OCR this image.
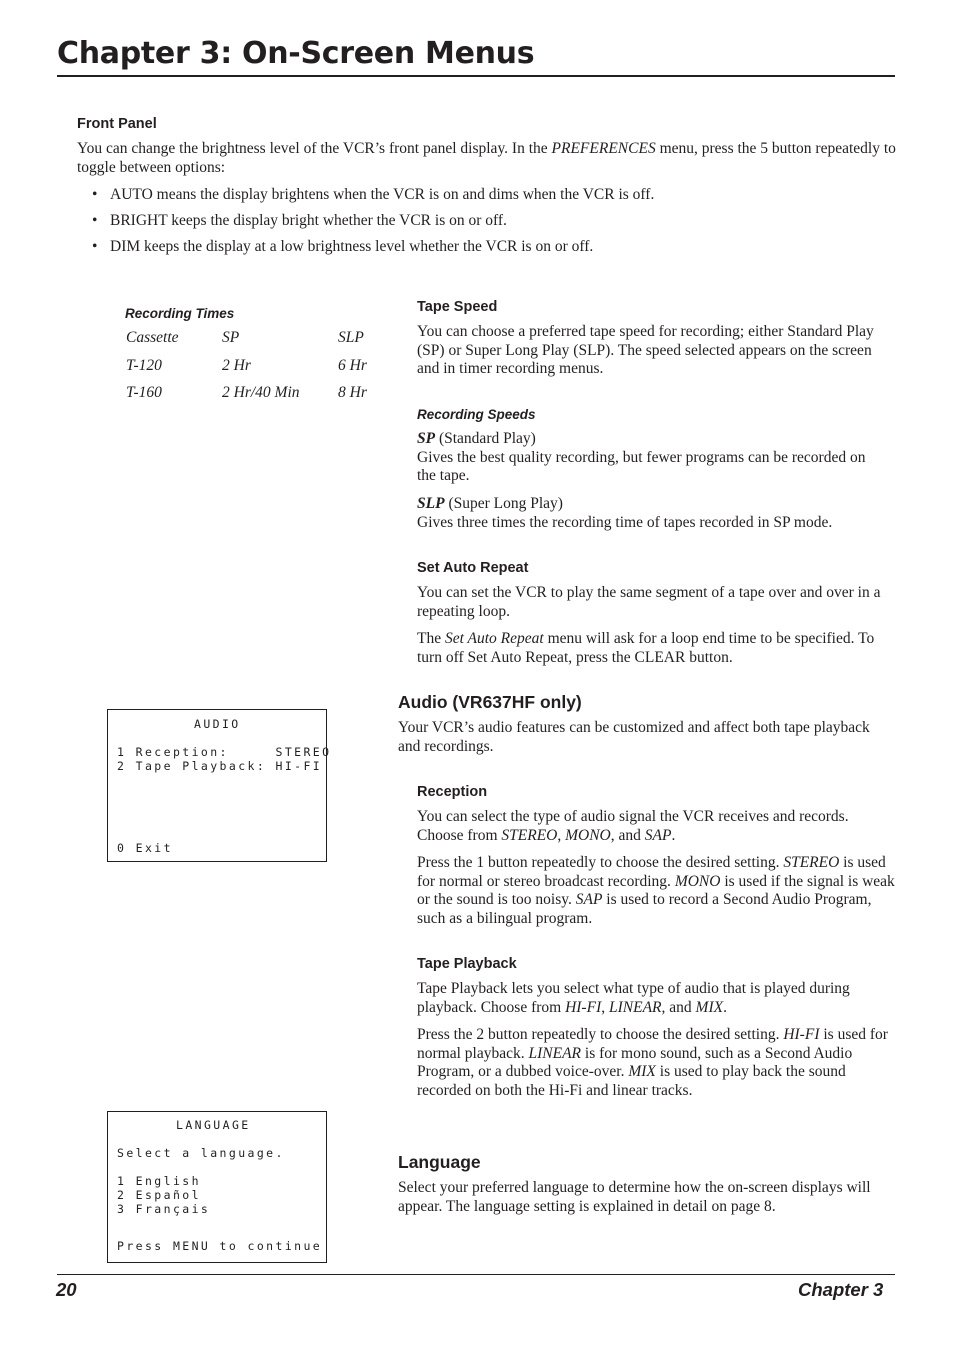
Chapter 3: On-Screen Menus
Front Panel

You can change the brightness level of the VCR’s front panel display. In the PREFERENCES menu, press the 5 button repeatedly to toggle between options:

• AUTO means the display brightens when the VCR is on and dims when the VCR is off.
• BRIGHT keeps the display bright whether the VCR is on or off.
• DIM keeps the display at a low brightness level whether the VCR is on or off.
Recording Times
Cassette	SP	SLP
T-120	2 Hr	6 Hr
T-160	2 Hr/40 Min	8 Hr
Tape Speed

You can choose a preferred tape speed for recording; either Standard Play (SP) or Super Long Play (SLP). The speed selected appears on the screen and in timer recording menus.

Recording Speeds

SP (Standard Play)
Gives the best quality recording, but fewer programs can be recorded on the tape.

SLP (Super Long Play)
Gives three times the recording time of tapes recorded in SP mode.

Set Auto Repeat

You can set the VCR to play the same segment of a tape over and over in a repeating loop.

The Set Auto Repeat menu will ask for a loop end time to be specified. To turn off Set Auto Repeat, press the CLEAR button.

AUDIO
1 Reception:     STEREO
2 Tape Playback: HI-FI
0 Exit
Audio (VR637HF only)

Your VCR’s audio features can be customized and affect both tape playback and recordings.

Reception

You can select the type of audio signal the VCR receives and records. Choose from STEREO, MONO, and SAP.

Press the 1 button repeatedly to choose the desired setting. STEREO is used for normal or stereo broadcast recording. MONO is used if the signal is weak or the sound is too noisy. SAP is used to record a Second Audio Program, such as a bilingual program.

Tape Playback

Tape Playback lets you select what type of audio that is played during playback. Choose from HI-FI, LINEAR, and MIX.

Press the 2 button repeatedly to choose the desired setting. HI-FI is used for normal playback. LINEAR is for mono sound, such as a Second Audio Program, or a dubbed voice-over. MIX is used to play back the sound recorded on both the Hi-Fi and linear tracks.

LANGUAGE
Select a language.
1 English
2 Español
3 Français
Press MENU to continue
Language

Select your preferred language to determine how the on-screen displays will appear. The language setting is explained in detail on page 8.

20	Chapter 3
